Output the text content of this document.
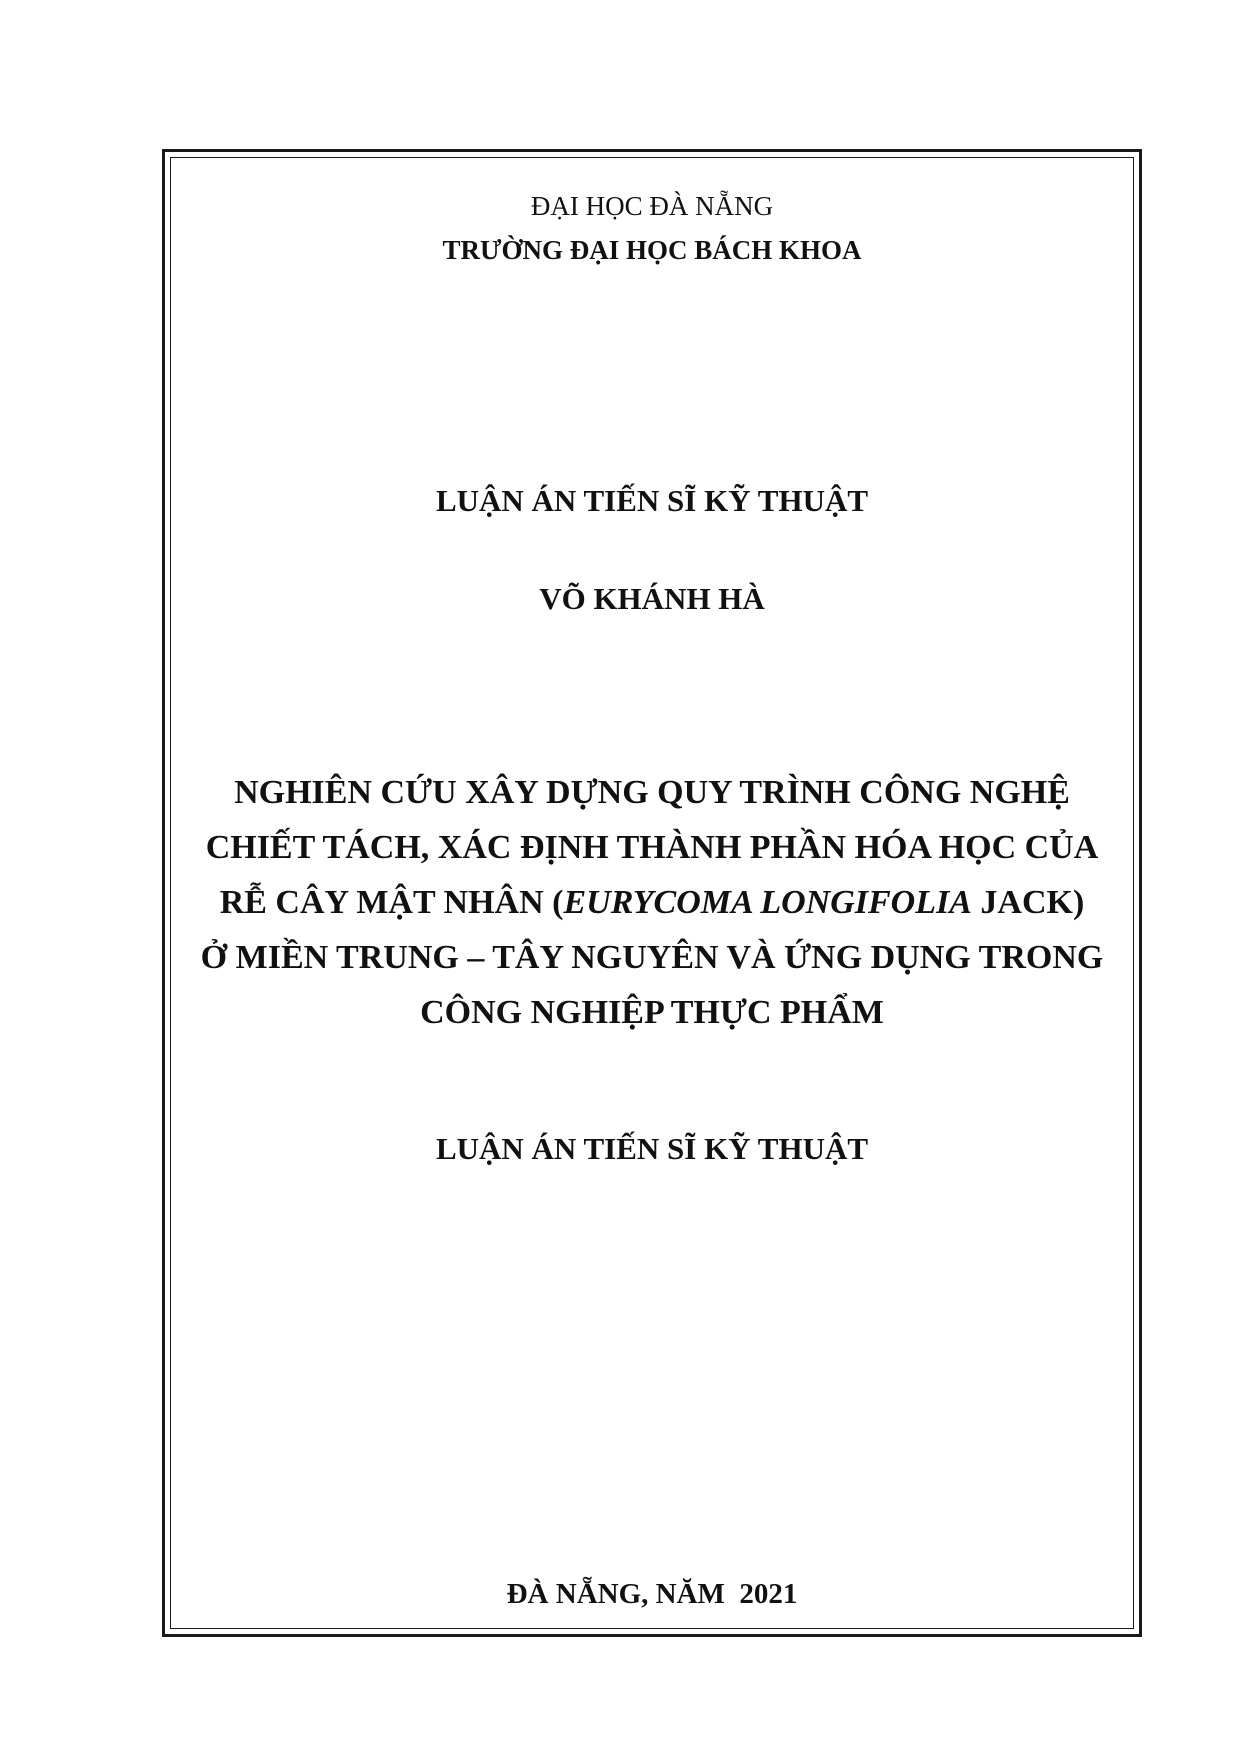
ĐẠI HỌC ĐÀ NẴNG
TRƯỜNG ĐẠI HỌC BÁCH KHOA
LUẬN ÁN TIẾN SĨ KỸ THUẬT
VÕ KHÁNH HÀ
NGHIÊN CỨU XÂY DỰNG QUY TRÌNH CÔNG NGHỆ
CHIẾT TÁCH, XÁC ĐỊNH THÀNH PHẦN HÓA HỌC CỦA
RỄ CÂY MẬT NHÂN (EURYCOMA LONGIFOLIA JACK)
Ở MIỀN TRUNG – TÂY NGUYÊN VÀ ỨNG DỤNG TRONG
CÔNG NGHIỆP THỰC PHẨM
LUẬN ÁN TIẾN SĨ KỸ THUẬT
ĐÀ NẴNG, NĂM  2021
